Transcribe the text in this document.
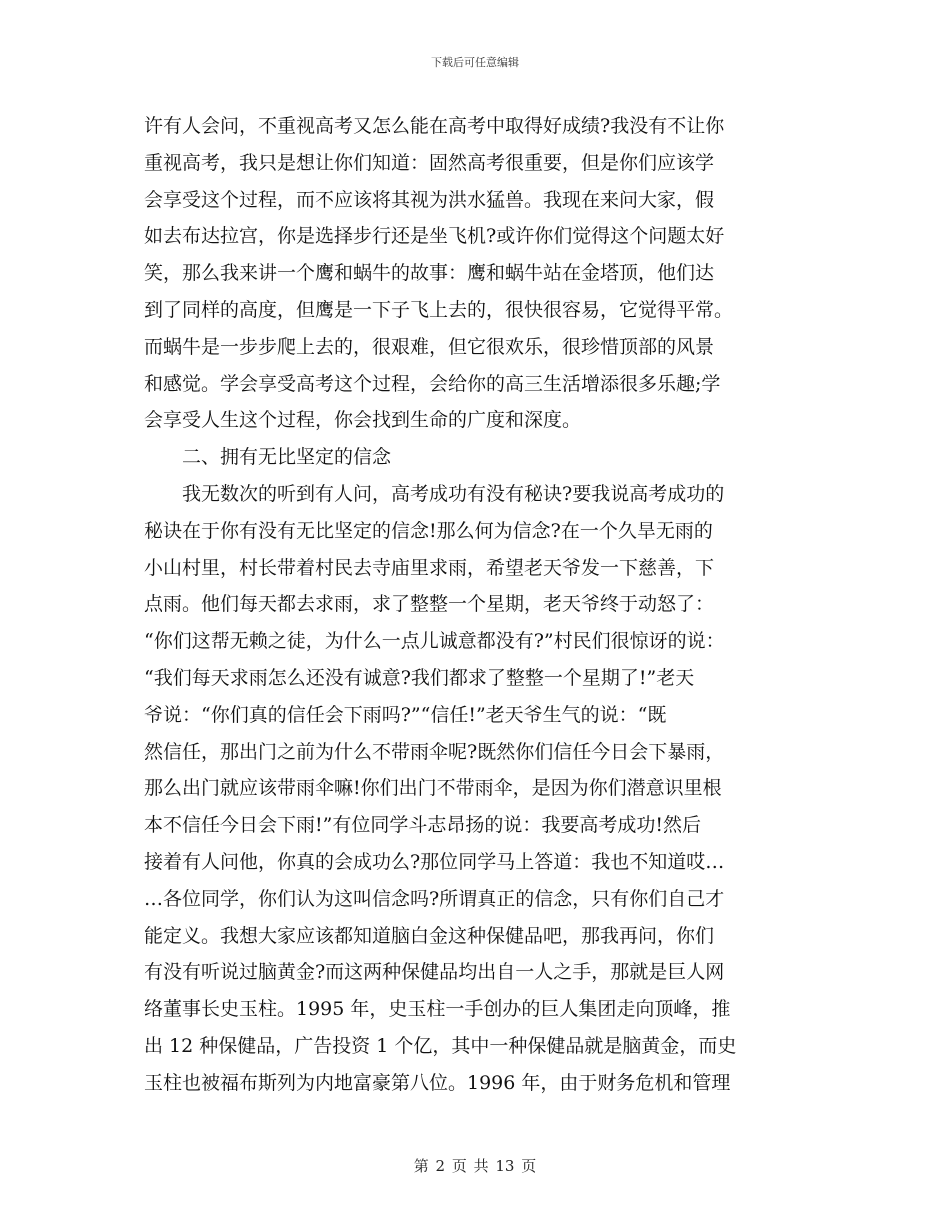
下载后可任意编辑
许有人会问，不重视高考又怎么能在高考中取得好成绩?我没有不让你
重视高考，我只是想让你们知道：固然高考很重要，但是你们应该学
会享受这个过程，而不应该将其视为洪水猛兽。我现在来问大家，假
如去布达拉宫，你是选择步行还是坐飞机?或许你们觉得这个问题太好
笑，那么我来讲一个鹰和蜗牛的故事：鹰和蜗牛站在金塔顶，他们达
到了同样的高度，但鹰是一下子飞上去的，很快很容易，它觉得平常。
而蜗牛是一步步爬上去的，很艰难，但它很欢乐，很珍惜顶部的风景
和感觉。学会享受高考这个过程，会给你的高三生活增添很多乐趣;学
会享受人生这个过程，你会找到生命的广度和深度。
二、拥有无比坚定的信念
我无数次的听到有人问，高考成功有没有秘诀?要我说高考成功的
秘诀在于你有没有无比坚定的信念!那么何为信念?在一个久旱无雨的
小山村里，村长带着村民去寺庙里求雨，希望老天爷发一下慈善，下
点雨。他们每天都去求雨，求了整整一个星期，老天爷终于动怒了：
“你们这帮无赖之徒，为什么一点儿诚意都没有?”村民们很惊讶的说：
“我们每天求雨怎么还没有诚意?我们都求了整整一个星期了!”老天
爷说：“你们真的信任会下雨吗?”“信任!”老天爷生气的说：“既
然信任，那出门之前为什么不带雨伞呢?既然你们信任今日会下暴雨，
那么出门就应该带雨伞嘛!你们出门不带雨伞，是因为你们潜意识里根
本不信任今日会下雨!”有位同学斗志昂扬的说：我要高考成功!然后
接着有人问他，你真的会成功么?那位同学马上答道：我也不知道哎…
…各位同学，你们认为这叫信念吗?所谓真正的信念，只有你们自己才
能定义。我想大家应该都知道脑白金这种保健品吧，那我再问，你们
有没有听说过脑黄金?而这两种保健品均出自一人之手，那就是巨人网
络董事长史玉柱。1995 年，史玉柱一手创办的巨人集团走向顶峰，推
出 12 种保健品，广告投资 1 个亿，其中一种保健品就是脑黄金，而史
玉柱也被福布斯列为内地富豪第八位。1996 年，由于财务危机和管理
第 2 页 共 13 页
